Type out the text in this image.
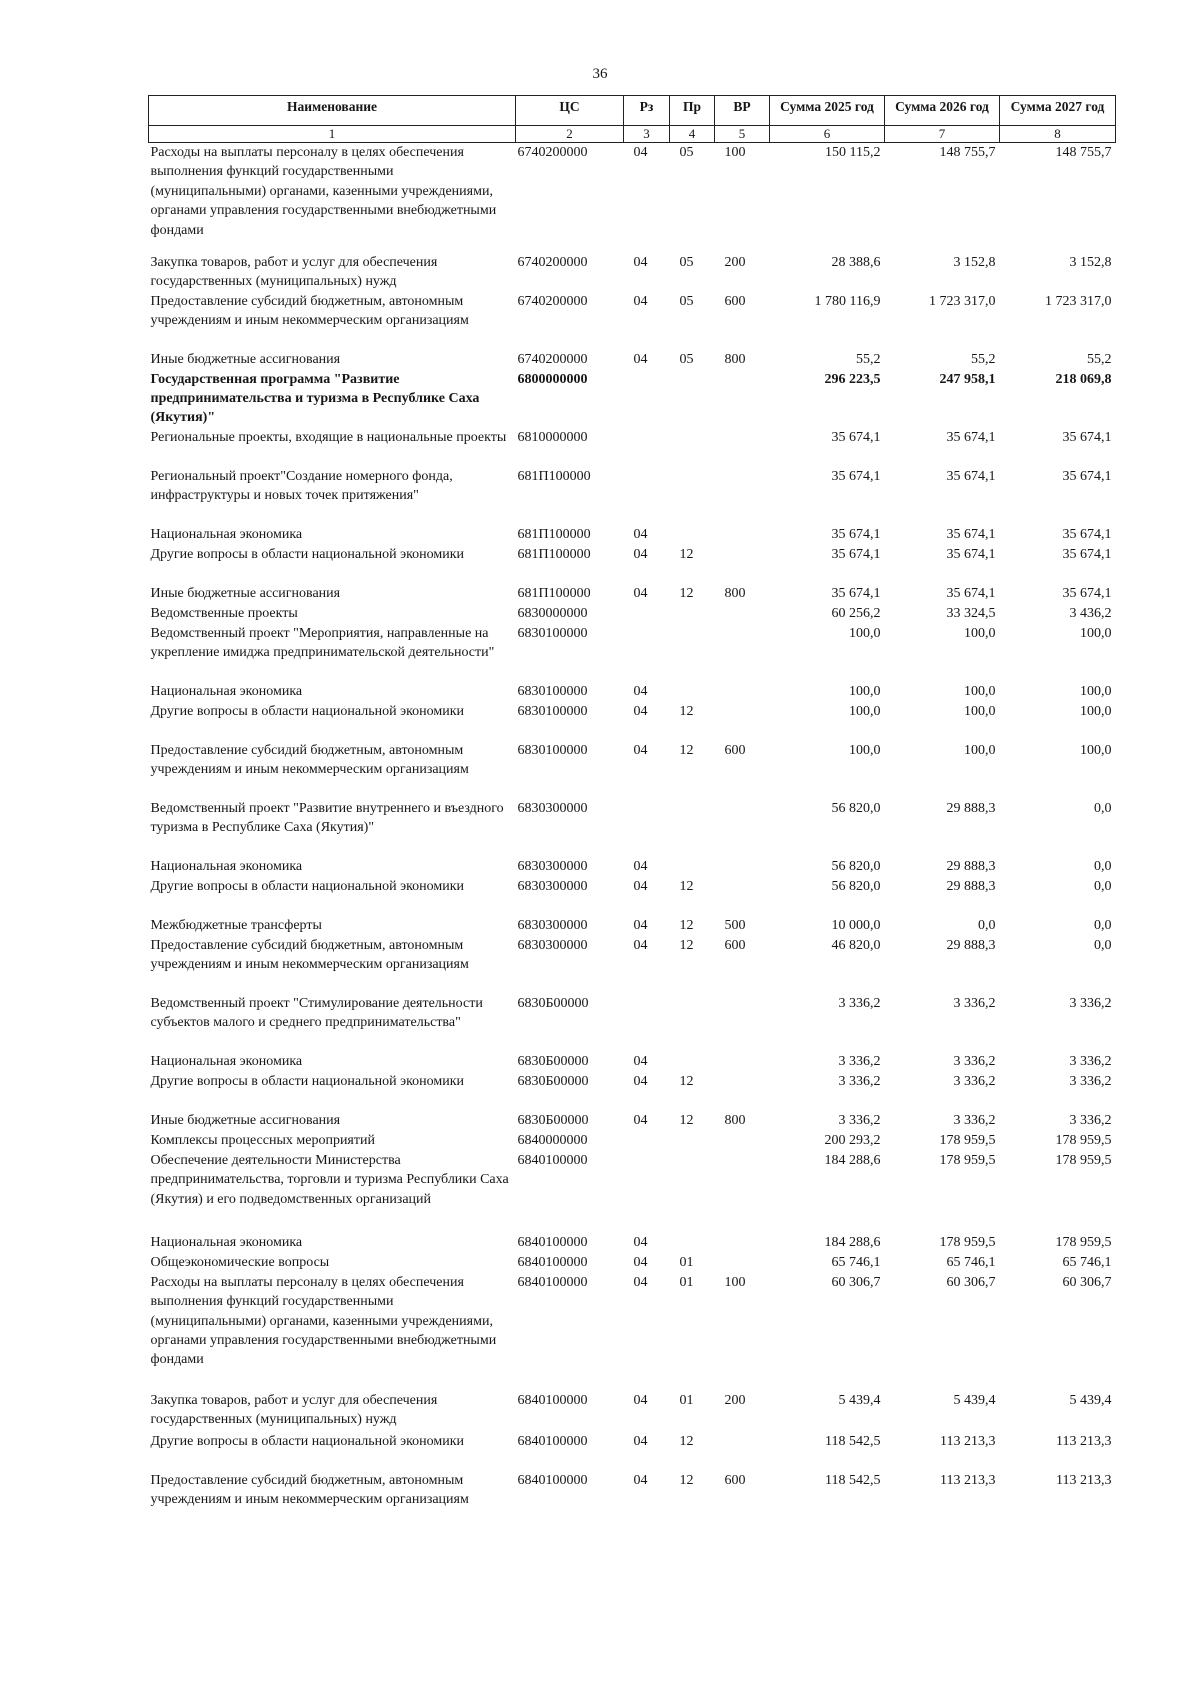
36
Наименование	ЦС	Рз	Пр	ВР	Сумма 2025 год	Сумма 2026 год	Сумма 2027 год
1	2	3	4	5	6	7	8
Расходы на выплаты персоналу в целях обеспечения выполнения функций государственными (муниципальными) органами, казенными учреждениями, органами управления государственными внебюджетными фондами	6740200000	04	05	100	150 115,2	148 755,7	148 755,7
Закупка товаров, работ и услуг для обеспечения государственных (муниципальных) нужд	6740200000	04	05	200	28 388,6	3 152,8	3 152,8
Предоставление субсидий бюджетным, автономным учреждениям и иным некоммерческим организациям	6740200000	04	05	600	1 780 116,9	1 723 317,0	1 723 317,0
Иные бюджетные ассигнования	6740200000	04	05	800	55,2	55,2	55,2
Государственная программа "Развитие предпринимательства и туризма в Республике Саха (Якутия)"	6800000000				296 223,5	247 958,1	218 069,8
Региональные проекты, входящие в национальные проекты	6810000000				35 674,1	35 674,1	35 674,1
Региональный проект"Создание номерного фонда, инфраструктуры и новых точек притяжения"	681П100000				35 674,1	35 674,1	35 674,1
Национальная экономика	681П100000	04			35 674,1	35 674,1	35 674,1
Другие вопросы в области национальной экономики	681П100000	04	12		35 674,1	35 674,1	35 674,1
Иные бюджетные ассигнования	681П100000	04	12	800	35 674,1	35 674,1	35 674,1
Ведомственные проекты	6830000000				60 256,2	33 324,5	3 436,2
Ведомственный проект "Мероприятия, направленные на укрепление имиджа предпринимательской деятельности"	6830100000				100,0	100,0	100,0
Национальная экономика	6830100000	04			100,0	100,0	100,0
Другие вопросы в области национальной экономики	6830100000	04	12		100,0	100,0	100,0
Предоставление субсидий бюджетным, автономным учреждениям и иным некоммерческим организациям	6830100000	04	12	600	100,0	100,0	100,0
Ведомственный проект "Развитие внутреннего и въездного туризма в Республике Саха (Якутия)"	6830300000				56 820,0	29 888,3	0,0
Национальная экономика	6830300000	04			56 820,0	29 888,3	0,0
Другие вопросы в области национальной экономики	6830300000	04	12		56 820,0	29 888,3	0,0
Межбюджетные трансферты	6830300000	04	12	500	10 000,0	0,0	0,0
Предоставление субсидий бюджетным, автономным учреждениям и иным некоммерческим организациям	6830300000	04	12	600	46 820,0	29 888,3	0,0
Ведомственный проект "Стимулирование деятельности субъектов малого и среднего предпринимательства"	6830Б00000				3 336,2	3 336,2	3 336,2
Национальная экономика	6830Б00000	04			3 336,2	3 336,2	3 336,2
Другие вопросы в области национальной экономики	6830Б00000	04	12		3 336,2	3 336,2	3 336,2
Иные бюджетные ассигнования	6830Б00000	04	12	800	3 336,2	3 336,2	3 336,2
Комплексы процессных мероприятий	6840000000				200 293,2	178 959,5	178 959,5
Обеспечение деятельности Министерства предпринимательства, торговли и туризма Республики Саха (Якутия) и его подведомственных организаций	6840100000				184 288,6	178 959,5	178 959,5
Национальная экономика	6840100000	04			184 288,6	178 959,5	178 959,5
Общеэкономические вопросы	6840100000	04	01		65 746,1	65 746,1	65 746,1
Расходы на выплаты персоналу в целях обеспечения выполнения функций государственными (муниципальными) органами, казенными учреждениями, органами управления государственными внебюджетными фондами	6840100000	04	01	100	60 306,7	60 306,7	60 306,7
Закупка товаров, работ и услуг для обеспечения государственных (муниципальных) нужд	6840100000	04	01	200	5 439,4	5 439,4	5 439,4
Другие вопросы в области национальной экономики	6840100000	04	12		118 542,5	113 213,3	113 213,3
Предоставление субсидий бюджетным, автономным учреждениям и иным некоммерческим организациям	6840100000	04	12	600	118 542,5	113 213,3	113 213,3
